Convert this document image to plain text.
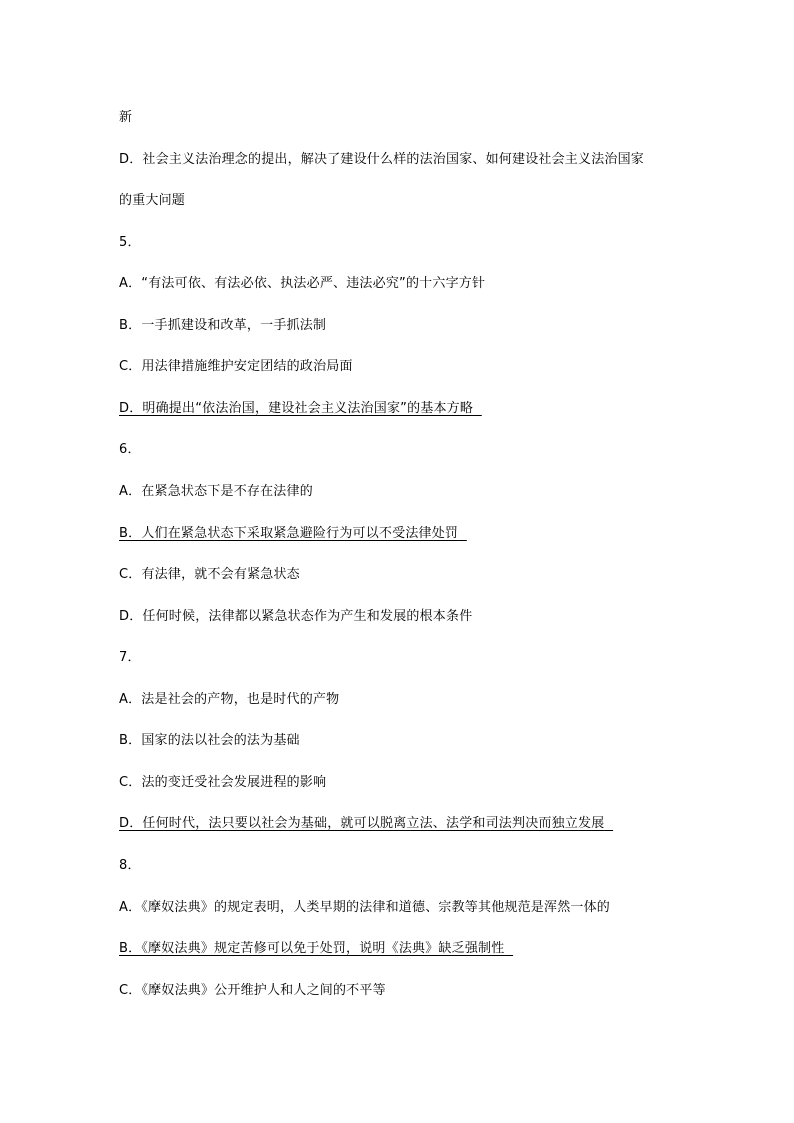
新
D．社会主义法治理念的提出，解决了建设什么样的法治国家、如何建设社会主义法治国家
的重大问题
5．
A．“有法可依、有法必依、执法必严、违法必究”的十六字方针
B．一手抓建设和改革，一手抓法制
C．用法律措施维护安定团结的政治局面
D．明确提出“依法治国，建设社会主义法治国家”的基本方略
6．
A．在紧急状态下是不存在法律的
B．人们在紧急状态下采取紧急避险行为可以不受法律处罚
C．有法律，就不会有紧急状态
D．任何时候，法律都以紧急状态作为产生和发展的根本条件
7．
A．法是社会的产物，也是时代的产物
B．国家的法以社会的法为基础
C．法的变迁受社会发展进程的影响
D．任何时代，法只要以社会为基础，就可以脱离立法、法学和司法判决而独立发展
8．
A．《摩奴法典》的规定表明，人类早期的法律和道德、宗教等其他规范是浑然一体的
B．《摩奴法典》规定苦修可以免于处罚，说明《法典》缺乏强制性
C．《摩奴法典》公开维护人和人之间的不平等
